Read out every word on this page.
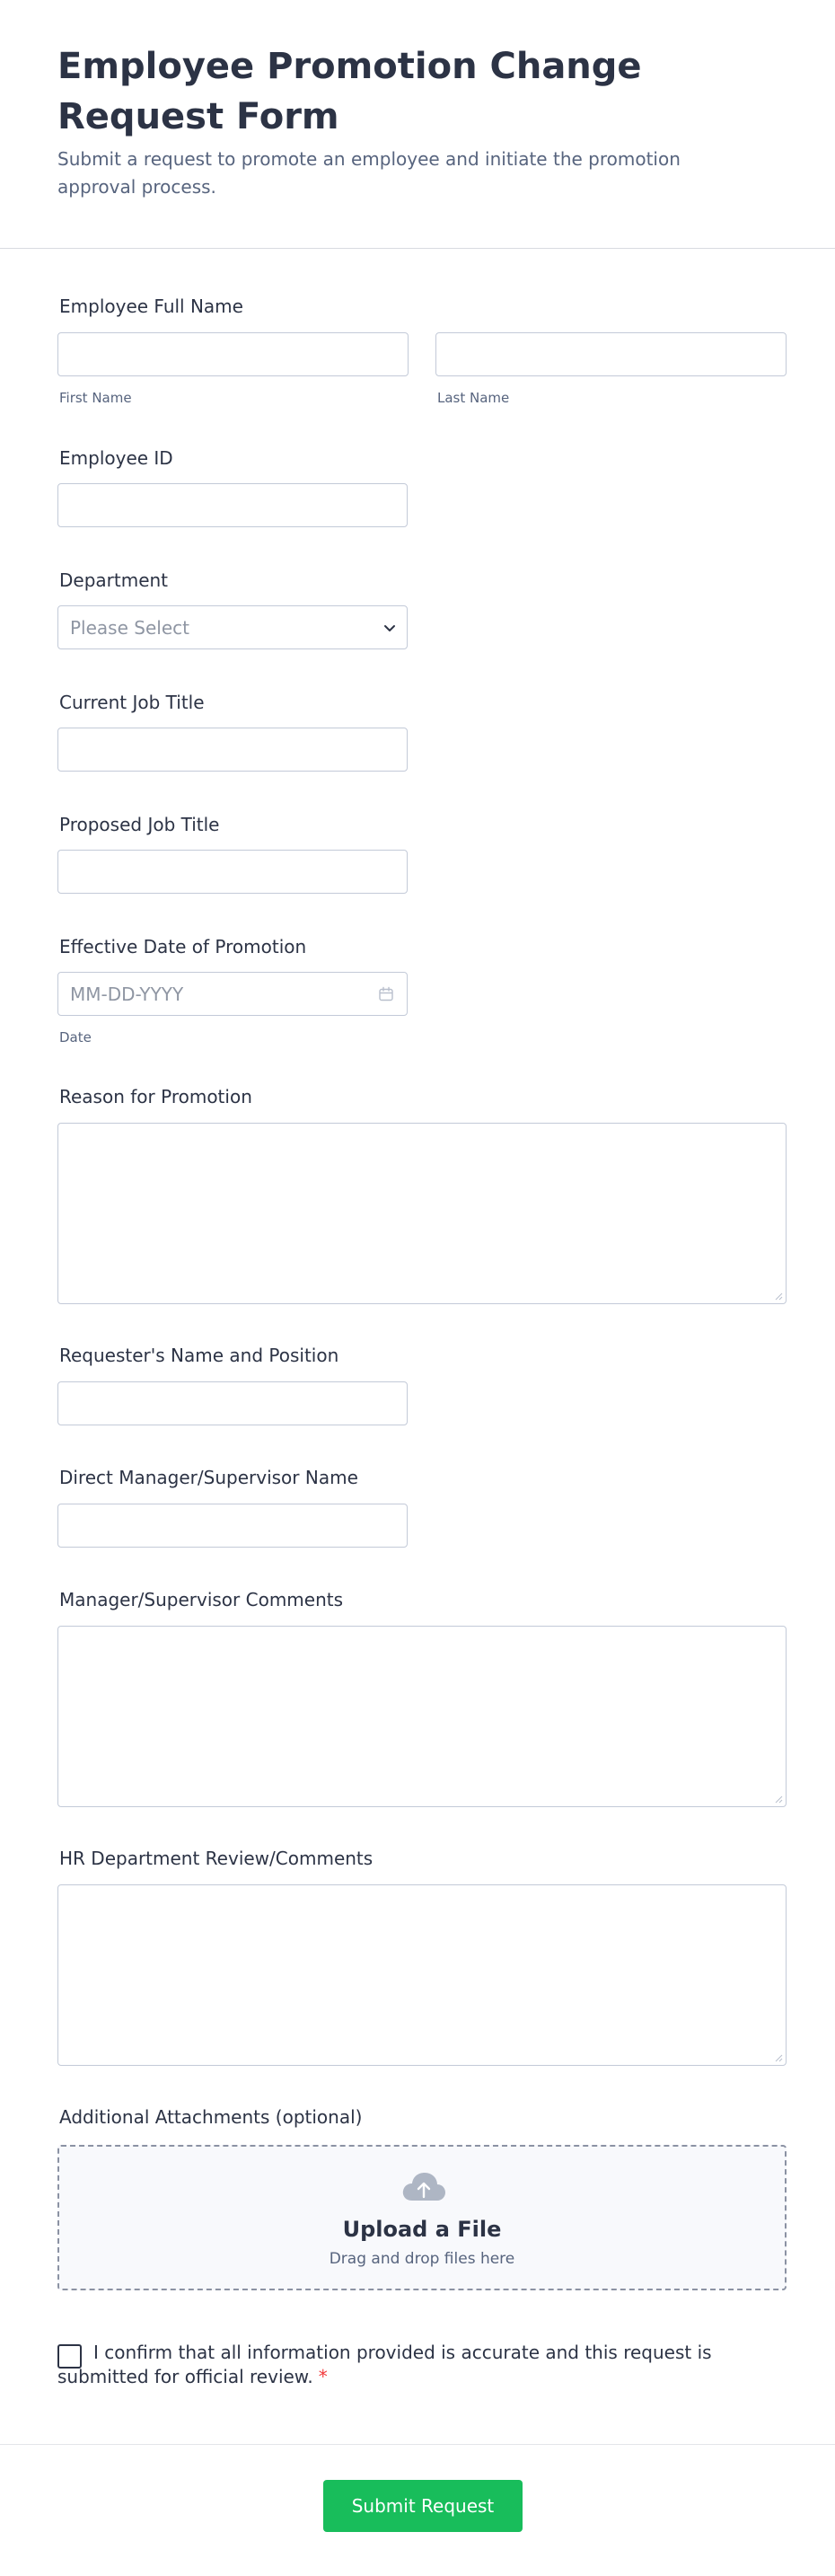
Employee Promotion Change Request Form

Submit a request to promote an employee and initiate the promotion approval process.

Employee Full Name
First Name	Last Name
Employee ID
Department
Please Select
Current Job Title
Proposed Job Title
Effective Date of Promotion
MM-DD-YYYY
Date
Reason for Promotion
Requester's Name and Position
Direct Manager/Supervisor Name
Manager/Supervisor Comments
HR Department Review/Comments
Additional Attachments (optional)
Upload a File
Drag and drop files here

I confirm that all information provided is accurate and this request is submitted for official review. *

Submit Request
